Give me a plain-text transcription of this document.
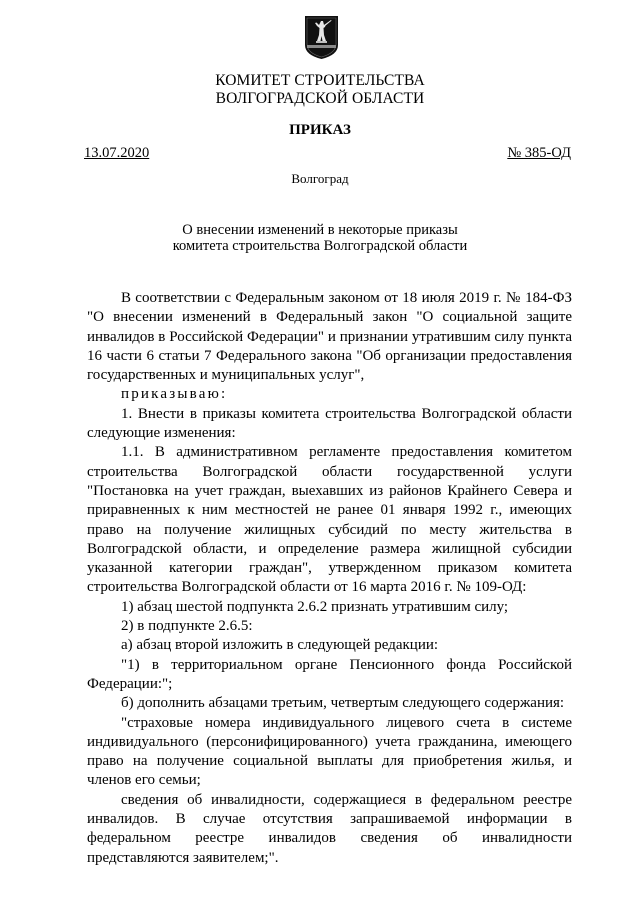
КОМИТЕТ СТРОИТЕЛЬСТВА
ВОЛГОГРАДСКОЙ ОБЛАСТИ
ПРИКАЗ
13.07.2020	№ 385-ОД
Волгоград
О внесении изменений в некоторые приказы
комитета строительства Волгоградской области

В соответствии с Федеральным законом от 18 июля 2019 г. № 184-ФЗ "О внесении изменений в Федеральный закон "О социальной защите инвалидов в Российской Федерации" и признании утратившим силу пункта 16 части 6 статьи 7 Федерального закона "Об организации предоставления государственных и муниципальных услуг",

приказываю:

1. Внести в приказы комитета строительства Волгоградской области следующие изменения:

1.1. В административном регламенте предоставления комитетом строительства Волгоградской области государственной услуги "Постановка на учет граждан, выехавших из районов Крайнего Севера и приравненных к ним местностей не ранее 01 января 1992 г., имеющих право на получение жилищных субсидий по месту жительства в Волгоградской области, и определение размера жилищной субсидии указанной категории граждан", утвержденном приказом комитета строительства Волгоградской области от 16 марта 2016 г. № 109-ОД:

1) абзац шестой подпункта 2.6.2 признать утратившим силу;

2) в подпункте 2.6.5:

а) абзац второй изложить в следующей редакции:

"1) в территориальном органе Пенсионного фонда Российской Федерации:";

б) дополнить абзацами третьим, четвертым следующего содержания:

"страховые номера индивидуального лицевого счета в системе индивидуального (персонифицированного) учета гражданина, имеющего право на получение социальной выплаты для приобретения жилья, и членов его семьи;

сведения об инвалидности, содержащиеся в федеральном реестре инвалидов. В случае отсутствия запрашиваемой информации в федеральном реестре инвалидов сведения об инвалидности представляются заявителем;".
